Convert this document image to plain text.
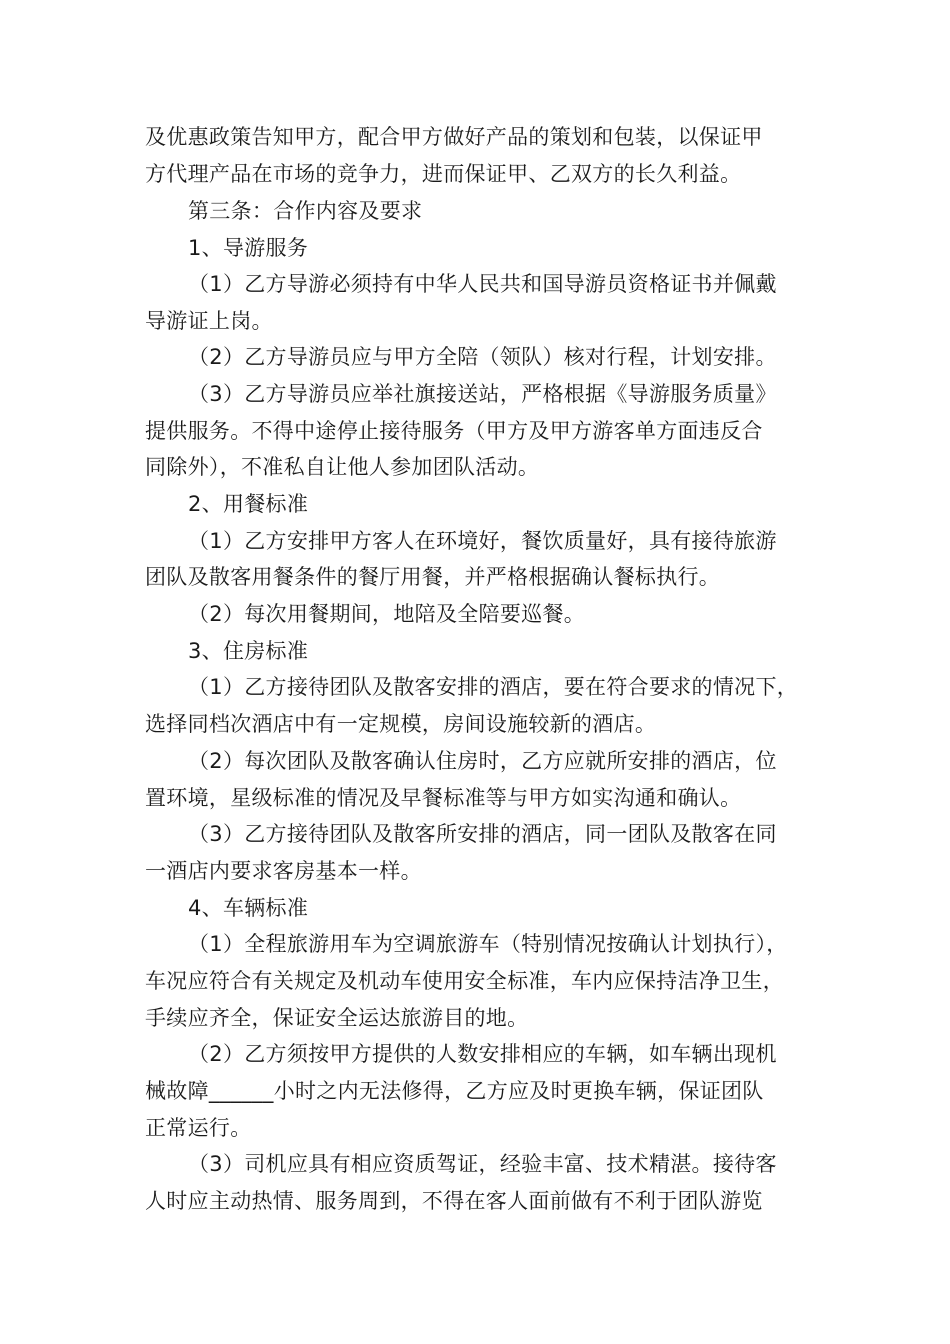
及优惠政策告知甲方，配合甲方做好产品的策划和包装，以保证甲
方代理产品在市场的竞争力，进而保证甲、乙双方的长久利益。
第三条：合作内容及要求
1、导游服务
（1）乙方导游必须持有中华人民共和国导游员资格证书并佩戴
导游证上岗。
（2）乙方导游员应与甲方全陪（领队）核对行程，计划安排。
（3）乙方导游员应举社旗接送站，严格根据《导游服务质量》
提供服务。不得中途停止接待服务（甲方及甲方游客单方面违反合
同除外），不准私自让他人参加团队活动。
2、用餐标准
（1）乙方安排甲方客人在环境好，餐饮质量好，具有接待旅游
团队及散客用餐条件的餐厅用餐，并严格根据确认餐标执行。
（2）每次用餐期间，地陪及全陪要巡餐。
3、住房标准
（1）乙方接待团队及散客安排的酒店，要在符合要求的情况下，
选择同档次酒店中有一定规模，房间设施较新的酒店。
（2）每次团队及散客确认住房时，乙方应就所安排的酒店，位
置环境，星级标准的情况及早餐标准等与甲方如实沟通和确认。
（3）乙方接待团队及散客所安排的酒店，同一团队及散客在同
一酒店内要求客房基本一样。
4、车辆标准
（1）全程旅游用车为空调旅游车（特别情况按确认计划执行），
车况应符合有关规定及机动车使用安全标准，车内应保持洁净卫生，
手续应齐全，保证安全运达旅游目的地。
（2）乙方须按甲方提供的人数安排相应的车辆，如车辆出现机
械故障______小时之内无法修得，乙方应及时更换车辆，保证团队
正常运行。
（3）司机应具有相应资质驾证，经验丰富、技术精湛。接待客
人时应主动热情、服务周到，不得在客人面前做有不利于团队游览
